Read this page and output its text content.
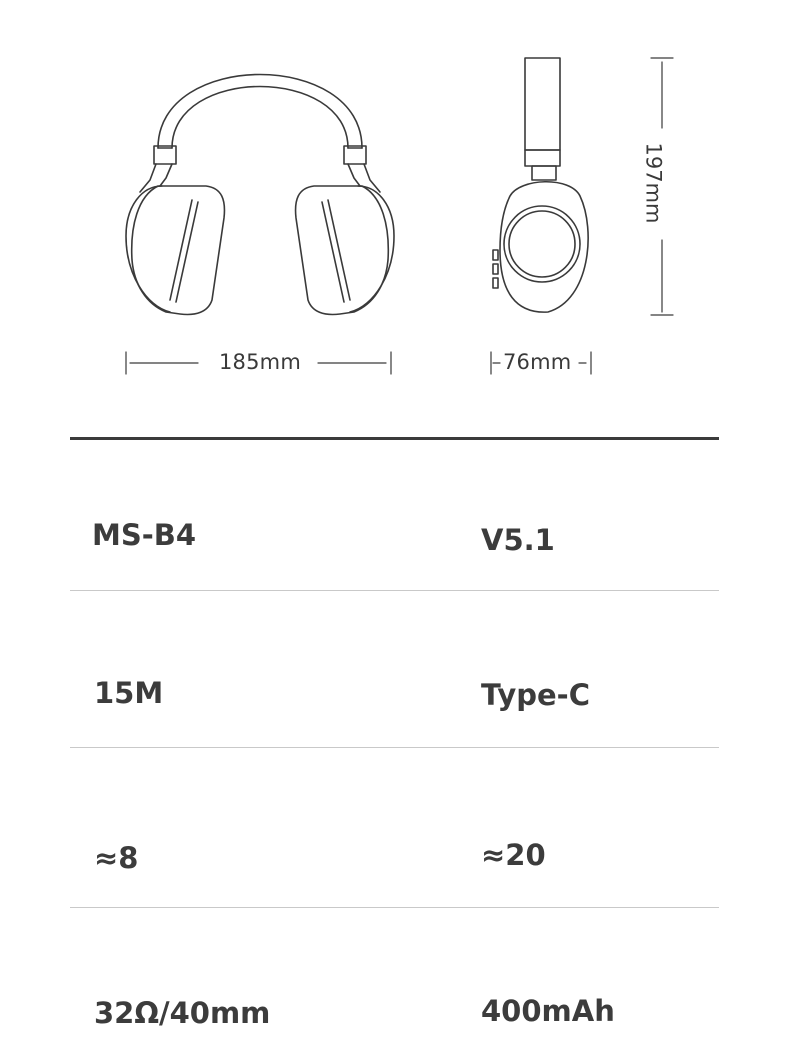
185mm	76mm
197mm
MS-B4	V5.1
15M	Type-C
≈8	≈20
32Ω/40mm	400mAh
